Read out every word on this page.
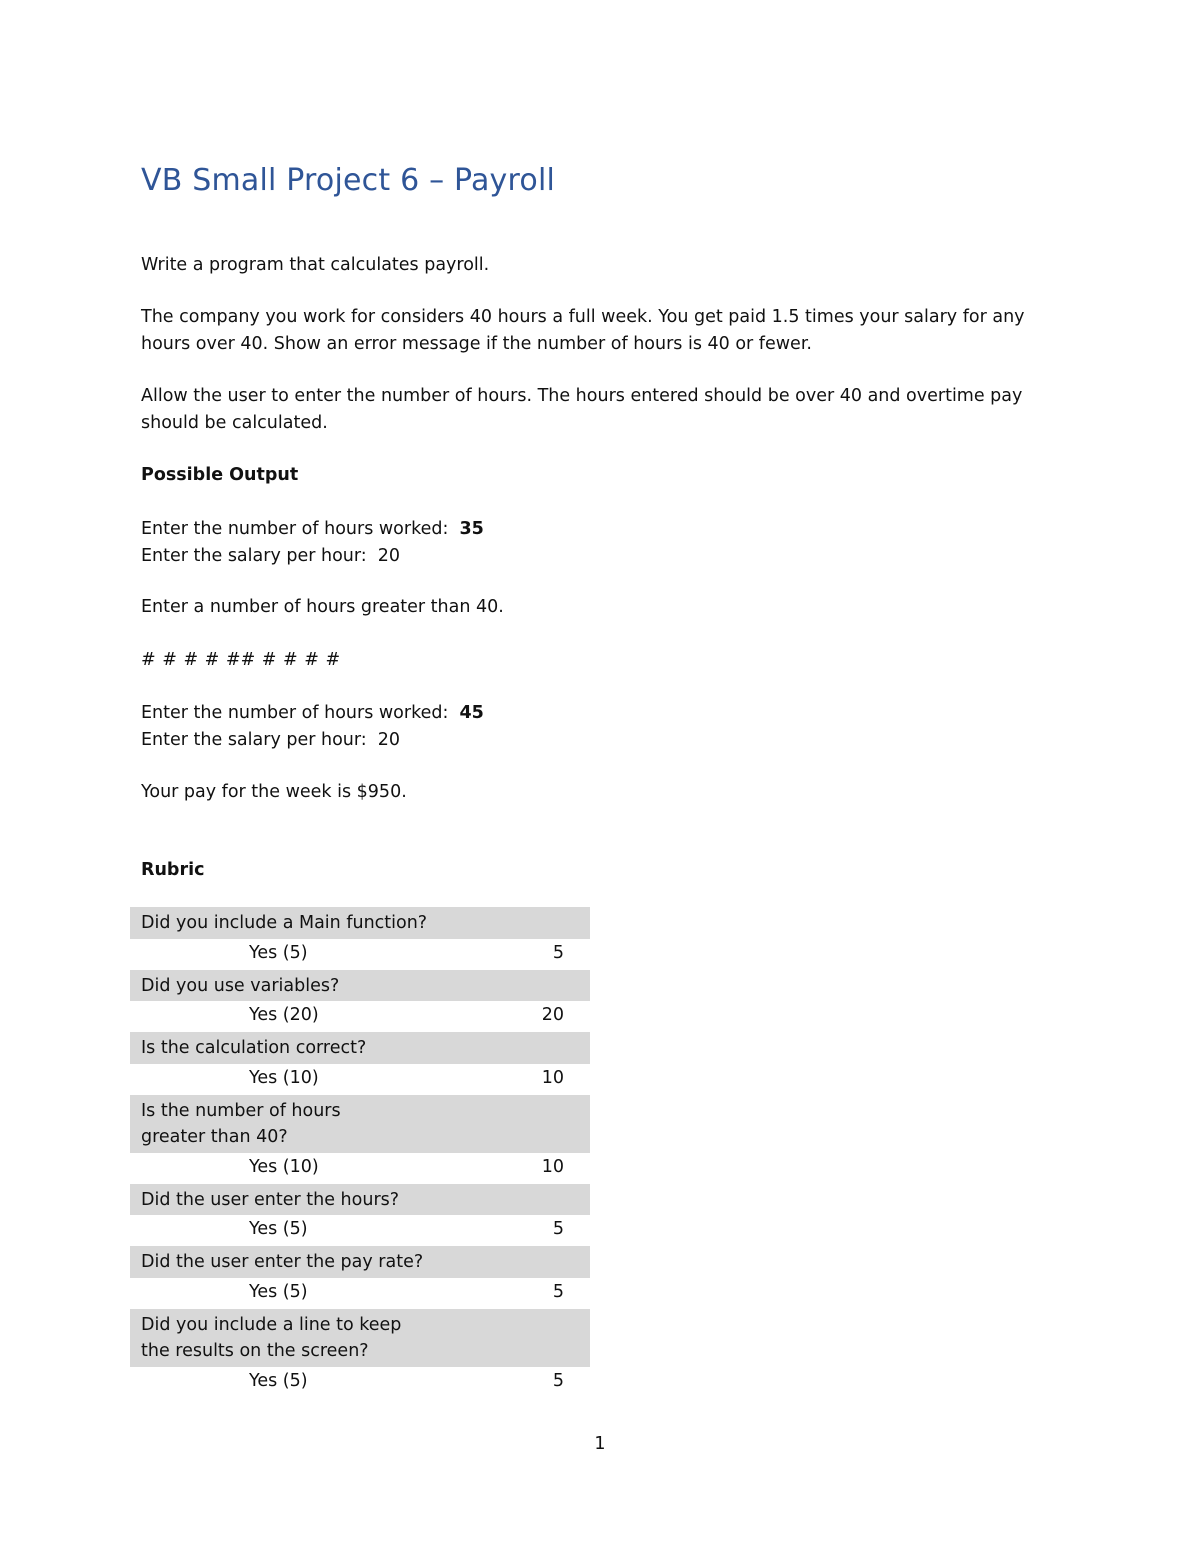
VB Small Project 6 – Payroll
Write a program that calculates payroll.
The company you work for considers 40 hours a full week. You get paid 1.5 times your salary for any
hours over 40. Show an error message if the number of hours is 40 or fewer.
Allow the user to enter the number of hours. The hours entered should be over 40 and overtime pay
should be calculated.
Possible Output
Enter the number of hours worked:  35
Enter the salary per hour:  20
Enter a number of hours greater than 40.
# # # # ## # # # #
Enter the number of hours worked:  45
Enter the salary per hour:  20
Your pay for the week is $950.
Rubric
Did you include a Main function?
Yes (5)	5
Did you use variables?
Yes (20)	20
Is the calculation correct?
Yes (10)	10
Is the number of hours
greater than 40?
Yes (10)	10
Did the user enter the hours?
Yes (5)	5
Did the user enter the pay rate?
Yes (5)	5
Did you include a line to keep
the results on the screen?
Yes (5)	5
1
